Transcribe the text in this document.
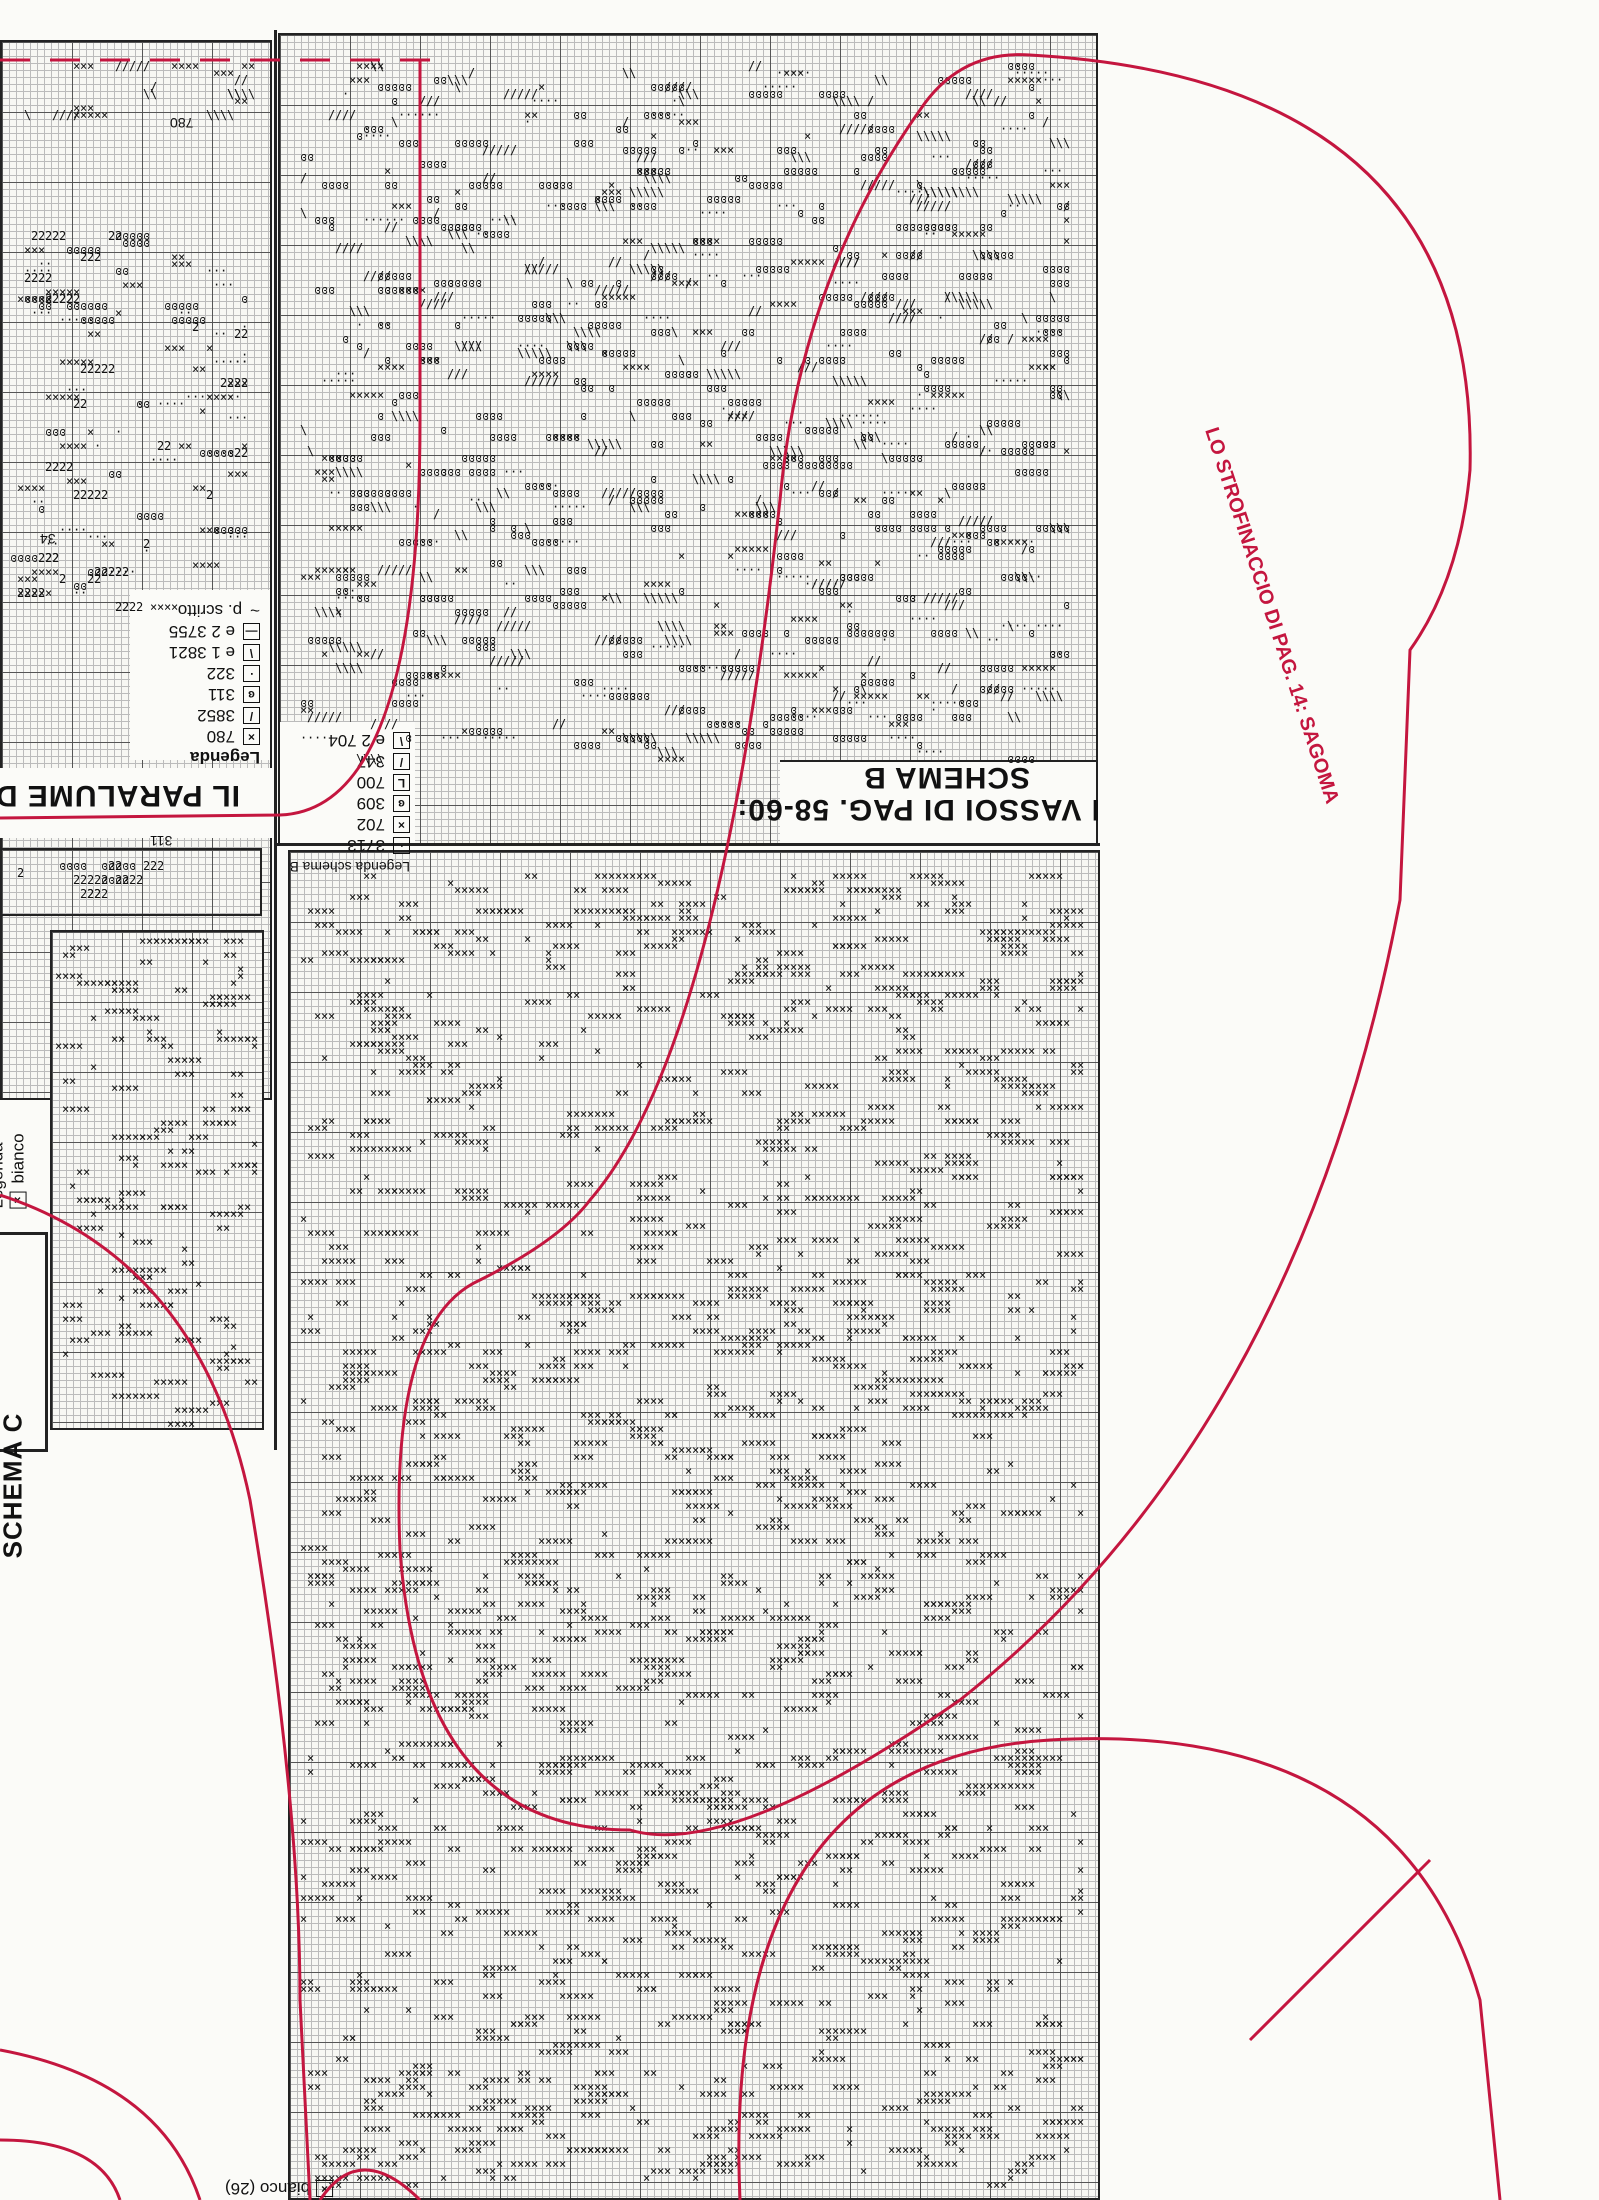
× ×
ɞ ɞ · · · ·
· ·
\ \ \ \
\
· · · ·
/ /
/
\ \ \ \ \
×
× × ×
/ /
× × ×
/ /
× × × ×
· · · · ·
· · ·
× × × ×
/ /
ɞ
ɞ
×
ɞ
ɞ ɞ ɞ ɞ ɞ
×
× × × ×
× × × ×
ɞ ɞ
ɞ
ɞ
· · ·
\ \
· · · ·
ɞ
ɞ ɞ ɞ ɞ ɞ
ɞ ɞ ɞ ɞ ɞ
ɞ ɞ
/ /
· ·
/ / / /
ɞ ɞ ɞ ɞ ɞ
× × × × ×
\ \ \
× × ×
\ \ \ \
/ / / /
\ \
× ×
ɞ
· · · · ·
· · · ·
ɞ
ɞ
ɞ
\ \
ɞ
×
ɞ
· ·
· ·
ɞ ɞ ɞ ɞ ɞ
ɞ
ɞ ɞ
ɞ ɞ ɞ
· · · ·
\ \ \
· · · ·
ɞ ɞ ɞ ɞ ɞ
ɞ ɞ ɞ ɞ ɞ
ɞ ɞ
ɞ ɞ ɞ ɞ ɞ
ɞ ɞ ɞ ɞ
· · · ·
\ \ \ \ \
\ \ \ \
× × ×
· ·
ɞ ɞ
ɞ ɞ
×
ɞ
· · · · ·
ɞ ɞ
ɞ ɞ ɞ
ɞ ɞ ɞ
· ·
· · · ·	ɞ ɞ ɞ ɞ ɞ
· · · ·
\ \ \ \ \
ɞ ɞ ɞ ɞ ɞ
× × × × ×
ɞ
×
× × × × ×
\ \ \
× × ×
·
\ \ \ \
ɞ ɞ ɞ ɞ
· · · ·
ɞ
/ / /
ɞ
· ·
ɞ	/ / / /
ɞ ɞ ɞ ɞ
/
ɞ ɞ ɞ ɞ
/ / / / /
ɞ ɞ
ɞ ɞ ɞ
ɞ ɞ ɞ ɞ
/ / / /
· · · · ·
ɞ ɞ ɞ ɞ
ɞ
ɞ ɞ ɞ ɞ	\ \
ɞ ɞ ɞ × × ×
× ×
\ \ \ \ \
· · ·
ɞ ɞ
· · · · ·
ɞ ɞ
/ / /
\ \ \
/ /
× × ×
ɞ ɞ ɞ ɞ
ɞ ɞ ɞ ɞ
· · · · ·
ɞ ɞ ɞ ɞ
ɞ ɞ ɞ ɞ ɞ
\ \
· · · · ·
ɞ ɞ
· · · ·
ɞ ɞ ɞ ɞ
× × ×
ɞ ɞ ɞ
/ / / / /
· · ·
\ \ \
ɞ ɞ ɞ ɞ
/ / / /
/
\ \ \
ɞ ɞ ɞ ɞ ɞ
· · · · ·
/
×
ɞ ɞ
ɞ ɞ ɞ ɞ
ɞ ɞ ɞ ɞ ɞ
ɞ
\ \
ɞ ɞ ɞ ɞ
ɞ ɞ ɞ ɞ
· · · ·
ɞ ɞ ɞ ɞ ɞ
ɞ
/ / / /
\ \ \
×
\ \ \ \ \
ɞ ɞ ɞ
× × ×
ɞ ɞ ɞ
ɞ ɞ ɞ ɞ ɞ
ɞ ɞ ɞ ɞ
ɞ ɞ ɞ
\
· ·
ɞ ɞ ɞ ɞ
×
/ / /
/ / / / /
ɞ ɞ ɞ ɞ
· · · · ·
× × × × ×
ɞ ɞ ɞ ɞ
/
\
· · · · ·
ɞ ɞ ɞ ɞ ɞ
· ·
/
ɞ ɞ
ɞ ɞ ɞ ɞ ɞ
· · ·
ɞ ɞ ɞ
ɞ
/
/ / /
×
ɞ
· · · ·
ɞ ɞ ɞ ɞ ɞ
/ /
\
· · ·
ɞ ɞ ɞ ɞ
/
/
ɞ ɞ ɞ ɞ
/
ɞ ɞ ɞ ɞ
\ \
\
\
ɞ
ɞ ɞ ɞ ɞ ɞ
/ / / / /
ɞ ɞ
·
ɞ
ɞ ɞ ɞ ɞ ɞ
· · ·
\ \ \
\ \ \ \
ɞ ɞ ɞ ɞ ɞ
× × × × ×
\
ɞ ɞ ɞ
\ \ \ \ \
ɞ ɞ ɞ ɞ
\
× × × × ×
· · · · ·
\ \
ɞ ɞ ɞ ɞ ɞ
\ \
× × ×
/ / / / /
ɞ ɞ
ɞ ɞ ɞ ɞ
ɞ ɞ ɞ ɞ ɞ
· · · ·
ɞ
\
× × × ×
ɞ ɞ ɞ
ɞ ɞ ɞ ɞ ɞ
ɞ ɞ ɞ ɞ
· · · ·
ɞ ɞ ɞ ɞ ɞ
ɞ · · · · ·
ɞ ɞ ɞ ɞ
× × ×
ɞ ɞ ɞ
/
×
× × × × ×
ɞ ɞ ɞ
/ / / / /
· · · ·
ɞ ɞ ɞ ɞ ɞ
\
ɞ ɞ ɞ
\ \ \ \
ɞ ɞ ɞ ɞ
· · · · ·
ɞ ɞ ɞ ɞ
ɞ ɞ ɞ
\ \
ɞ ɞ ɞ ɞ
×
× × × × ×
ɞ
ɞ ɞ ɞ ɞ ɞ
\ \ \ \
×
ɞ ɞ ɞ
ɞ ɞ ɞ ɞ
\ \ \ \ \
\ \ \
\
\ \ \ \
ɞ ɞ
· · ·
/
ɞ
· · ·
ɞ ɞ ɞ
ɞ ɞ ɞ
\ \ \
× ×
× × × ×
ɞ ɞ
ɞ ɞ ɞ ɞ ɞ
× × ×
ɞ ɞ
ɞ
/ /
· · · ·
/ / /
× × × × ×
·
ɞ
ɞ
·
× × ×
\ \ \
\ \ \ \ \
ɞ ɞ ɞ ɞ
ɞ
\ \ \
/ / / / /
· · · ·
ɞ ɞ ɞ
ɞ ɞ
· · · ·
ɞ ɞ ɞ ɞ ɞ
ɞ ɞ ɞ ɞ ɞ
/
ɞ
\
/ /
× × × ×
· · · ·
/
ɞ ɞ ɞ ɞ ɞ
/ / /
/ / / /
× ×	ɞ ɞ ɞ ɞ ɞ
ɞ ɞ ɞ ɞ
ɞ ɞ ɞ
×
ɞ
/ / /
/ /
ɞ ɞ
\ \ \
ɞ
ɞ ɞ ɞ ɞ
/ / / / /
ɞ ɞ ɞ ɞ ɞ
/ /
ɞ
ɞ ɞ ɞ
ɞ ɞ ɞ
ɞ ɞ ɞ ɞ ɞ
\ \ \ \ \
ɞ ɞ
/
· · · ·
×
ɞ
· ·
× ×
ɞ
× × ×
ɞ
ɞ ɞ ɞ
×
ɞ ɞ
\ \ \ \
× ×
· · ·
ɞ
ɞ ɞ ɞ ɞ ɞ
ɞ ɞ ɞ ɞ ɞ
· · · ·
× × × × ×
\ \
× ×
ɞ ɞ ɞ
ɞ ɞ ɞ ɞ ɞ
\
\ \ \ \ \ \
ɞ
ɞ ɞ
· ·
ɞ ɞ ɞ ɞ ɞ
\ \ \
·
ɞ
/ /
ɞ ɞ ɞ
×
\
ɞ ɞ
ɞ ɞ
ɞ ɞ ɞ ɞ ɞ
/ / / / /
· · · ·
× × ×
\ \ \
× ×	\ \ \ \ \
ɞ ɞ ɞ ɞ
ɞ ɞ ɞ ɞ
ɞ ɞ ɞ ɞ ɞ
ɞ ɞ ɞ
· · · ·
× × × ×
ɞ
× × × ×
ɞ
· · ·
ɞ ɞ ɞ
/ / /
ɞ ɞ
×
\ \ \ \ \
ɞ ɞ
ɞ ɞ ɞ
· · · · ·
ɞ ɞ ɞ ɞ ɞ
· · ·
\ \ \ \ \
· ·
\ \ \ \ \
× × × × ×
ɞ ɞ ɞ ɞ
ɞ ɞ ɞ ɞ ɞ
·
· · · ·
ɞ ɞ ɞ ɞ ɞ
ɞ ɞ ɞ ɞ
·
ɞ
ɞ ɞ ɞ ɞ
·
ɞ ɞ ɞ ɞ ɞ
\ \ \ \
ɞ
/
ɞ ɞ ɞ ɞ
× × ×
ɞ ɞ ɞ
ɞ
ɞ ɞ ɞ ɞ
ɞ ɞ ɞ
ɞ ɞ ɞ
ɞ ɞ
/ / / /
ɞ ɞ ɞ ɞ ɞ
ɞ ɞ
·
· · · ·
ɞ ɞ ɞ ɞ ɞ
/ / / /
ɞ ɞ ɞ
/
ɞ ɞ
/ /
ɞ ɞ
ɞ ɞ ɞ
/ / /
\ \ \ \ \	ɞ ɞ ɞ ɞ ɞ
\ \ \ \ \
ɞ ɞ ɞ ɞ ɞ
·
ɞ ɞ ɞ ɞ
ɞ ɞ ɞ ɞ
ɞ ɞ ɞ ɞ
ɞ ɞ ɞ ɞ ɞ
\ \ \ \
ɞ ɞ ɞ ɞ
ɞ ɞ ɞ ɞ
ɞ ɞ
ɞ ɞ ɞ ɞ
ɞ ɞ
· ·
ɞ ɞ ɞ ɞ ɞ
\ \ \ \ \
ɞ ɞ ɞ
×
ɞ
ɞ ɞ ɞ ɞ ɞ
/ /
ɞ ɞ ɞ ɞ
ɞ ɞ ɞ ɞ
·
ɞ ɞ ɞ ɞ
/ /
/ / / / /
ɞ ɞ ɞ
ɞ ɞ
ɞ ɞ ɞ ɞ ɞ
· · · · ·
ɞ ɞ
× ×
\ \ \ \ \
×
/
ɞ ɞ ɞ ɞ
ɞ ɞ
× × ×
× × ×
/ / / / /
ɞ ɞ ɞ
ɞ ɞ ɞ
ɞ ɞ ɞ ɞ ɞ
ɞ
·
ɞ ɞ ɞ ɞ ɞ
· · · ·
ɞ ɞ ɞ ɞ ɞ
/ / / /
/ /
ɞ ɞ
× × × × ×
ɞ ɞ
ɞ ɞ ɞ
/
\ \ \ \
\ \ \
· · · · ·
ɞ ɞ ɞ ɞ ɞ
ɞ ɞ ɞ
ɞ ɞ ɞ ɞ ɞ
/ / /
ɞ ɞ ɞ ɞ ɞ
× × × ×
·
ɞ ɞ
ɞ ɞ ɞ
ɞ ɞ ɞ ɞ ɞ
× × × ×
·
·
/ / / / /
×
×
× ×
× × × × ×
× × × ×
·
\ \ \
/ / / /
ɞ ɞ
\ \
· ·
/ / /
ɞ
\ \ \
\
ɞ
/ / / / /
×
/
ɞ ɞ ɞ
× ×
ɞ ɞ ɞ
ɞ ɞ
· · ·
\ \ \ \
× × ×
\ \ \
× × × ×
/ / / /
·
/ / / / /
\ \ \ \
× × × × ×
ɞ
· ·
ɞ ɞ
ɞ ɞ ɞ ɞ
· ·
× ×
× × × × ×
× ×
× ×
/ / / / /
· · · · ·	\ \ \
ɞ ɞ ɞ	ɞ
ɞ ɞ ɞ ɞ
ɞ
· · · · ·
ɞ ɞ ɞ ɞ
\ \
\ \ \ \
× × ×
· · · ·
ɞ
ɞ ɞ ɞ ɞ
ɞ ɞ
ɞ ɞ ɞ ɞ
· ·
/ / /
ɞ ɞ ɞ ɞ ɞ
ɞ ɞ ɞ ɞ ɞ
· · · ·
· · · · ·
ɞ ɞ ɞ ɞ ɞ
ɞ ɞ
/ / / /
\
\ \ \ \ \
ɞ ɞ ɞ ɞ ɞ
ɞ
ɞ ɞ
ɞ ɞ ɞ ɞ
· · · ·
· ·
·
ɞ ɞ ɞ ɞ
ɞ ɞ ɞ
/
/ / /
×
× × × ×
ɞ
\ \ \ \
ɞ ɞ
/ / /
ɞ ɞ ɞ
ɞ
· · · ·
/ / / /
ɞ ɞ
ɞ ɞ ɞ ɞ
ɞ ɞ ɞ
×
ɞ ɞ
ɞ ɞ
×
\
/
× ×
×
·
· · · ·
\ \
/ / / / /
/ / /
× × ×
ɞ ɞ ɞ ɞ
ɞ	· · ·
/ / / / /
ɞ ɞ ɞ ɞ
· · · ·
× × × ×
· · ·
\
\
ɞ ɞ ɞ ɞ
/ /
· · · · ·
\ \	ɞ ɞ ɞ ɞ
× × ×
· ·
/ /
ɞ ɞ ɞ ɞ ɞ
× × × × ×
×
× × × × ×
× × × × ×
× × ×
×
× × × × ×
×
× × ×
×
×
× × × ×
× × × × ×
× × × × ×
× × × ×
× × × ×
× × × × ×
× × × × ×
× × × × ×
× × × ×
× × × ×
×
× × × × ×
× ×
× × × × ×
× × ×
× × ×
× × × × ×
× ×
× × × ×
× × ×
× × ×
× ×
×
× ×
× × × ×
× × × ×
× × × ×
×
× × × × ×
× ×
× × × × ×
× × × × ×
× ×
× ×
× × ×
× × × ×
× × × ×
×
× × ×
×
× × × ×
× × ×
× × ×
× ×
× × × ×
× × × × ×
× × × × ×
× × ×
× × ×
× × × ×
×
× ×
×
× × ×
×
× × × × ×	× ×
× × × ×
× × × ×
× × ×
× ×
× × × × ×
×
× × × ×
×
× ×
× ×
×
×
× × × ×
× × ×
× ×
× × ×
× × × × ×
× × × ×
× × × ×
× ×
× × ×
× × ×
× × ×
× × × ×
× × × × ×
× × × × ×
× × × ×
× ×
× × ×
× ×
× ×
× ×
× ×
×
× × ×
× × × ×
× × ×
× × × × ×
×
× × ×
×
× × × ×
× × × ×
× × × × ×
×
× × × ×
× × ×
× × × ×
× × × × ×
× × × × ×
× × × × ×
×
× × × ×
× × ×
×
× × × × ×
× ×
× ×
× ×
×
× ×
×
× × × × ×
×
× × ×
× ×
×
×
× ×
× × ×
× × × × ×
× ×
× ×
× × × ×
× × ×
×
×
× × × ×
× × × ×
×
× ×
×
× × × × ×
×
× × × ×
× × × × ×
×
× × × × ×
× ×
× × × × ×
× × × × ×
× ×
× × × ×
× × ×
×
× × × ×
× × ×
× ×
× ×
× × × ×
× ×
× × ×
× × × ×
× × ×
× × × ×
× × × × ×
× × ×
× ×
× × × × ×
× × × ×
× × × × ×
×
× × ×
×
× × × × ×
×
× ×
× × × × ×
× × × ×
× × × × ×
×
× ×
× ×
× × ×
× × ×
× ×
× ×
× × ×
× ×
× × × × ×
× × ×
× × ×
×
× × × ×
× × ×
× ×
× ×
× × × × ×
× ×
× × × ×
× × × × ×
×
× × ×
× × × × ×
× ×
×
× × × ×
×
×
× ×
× × × × ×
× ×
× × × × ×
× ×
×
×
× × × × ×
× × × × ×
× × ×
× × × ×
× ×
× × × × ×
×
× × × ×
× × × ×
× × ×
× ×
× ×
× × ×
× ×
× ×
× ×
× × × × ×
× × ×
× × ×
×
×
×
× × ×
× × × ×
× ×
× × × ×
× × × ×
× × × × ×
× × × × ×
× × × × ×
× × ×
×
×
× × × ×
× ×
× × × ×
×
× ×
× × × ×
× × ×
× × × ×
× × × ×
× × ×
× × × ×
× × ×
× ×
× × × ×
×
× × × × ×
× × × ×
× × × ×
×
× × × × ×
× × × ×
× × × × ×
× ×
× × ×
× × × × ×
× × × × ×
× × ×
× × ×
×
× × ×
× ×
×
× × × ×
× × × × ×
× × × ×
× × × × ×
× ×
× × × × ×
×
× × × × ×
× × ×
× ×
× × × × ×
× × ×
× × × ×	× × ×
× ×
×
× × × × ×
× ×
× ×
× × ×
×
×
×
× × × × ×
× × × × ×
× ×
× × × ×
× × × × ×
× × ×
× ×
×
× × × ×
× × ×
× × × ×
×
× ×
×
× × × ×
× × ×
× × ×
× × × × ×
× × × × ×
× × × × ×
× ×
× ×
× ×
× ×
×
× ×
× × × ×
× ×
× × ×
×
× × × ×
× × × × ×
× ×
× ×
× × × × ×
× × × × ×
× × ×
×
× × × ×
× × × × ×
×
× ×
×
× × × ×
× × × × ×
× ×
× ×
× × × × ×
×
× × ×
× × ×
× × ×
×
×
× × ×
× ×
× ×
× × × ×
× ×
× × × × ×
× × × × ×
×
× × ×
×
× ×
× ×
× × × × ×
×
× × × ×
× × ×
× × × ×
× × × × ×
× ×
× ×
×
× × × ×
× × ×
× × × × ×
× × ×	× × ×
× × ×
× × × × ×
× × × ×
× × × × ×
× ×	× × × ×
× ×
× ×
×
×
×
× × × ×
× × × × ×
× × × × ×
×
× × × × ×
× × ×
× × × ×
× × × × ×
× × × × ×
× × × × ×
×
×
× × ×
× × ×
× × ×
× ×
× × ×
× × ×
× × × × ×
× × × × ×
×
× × × × ×
× × × × ×
× × ×
× × ×
×
× ×
× ×	×	×
× × × × ×
× ×
× × ×	×
× × ×
× × × × ×
× × ×
× ×
× ×
× ×
× × × ×
× × × × ×
× × × ×
× ×
× × ×
× ×
× × × ×
× × × × ×
× × ×
×
× ×
× ×
× × × ×
× × × ×
× × × ×
× × × × ×
× × × ×
× × ×
× × × × ×
× ×
× × × × ×
×
× ×
×
×
×
× × × × ×
× × × × ×
× × ×
× ×
×
× ×
× × × × ×
× × × ×
× × × × ×
× ×
× × × × ×
× × × ×
× ×
× × ×
× × ×
× × × × ×
× × ×
× × × ×
× × ×
× ×
× ×
× × × × ×
×
× ×
× × × × ×
×
× × × ×
× ×
×
× × × × ×
× × × ×
× × × × ×
× ×
× × ×
×
× × × × ×
× ×
× × ×
× × × × ×
× ×
×
× × × × ×
× × × × ×
× × ×	× × ×
× × ×
× ×
× × × × ×
× ×
× × × ×
×
×
× × ×
× × × × ×
× × × ×
× × ×
× × ×
× × ×
× × ×
× × × ×
× × ×
×
× ×
× ×
× × ×
×
× ×
× × ×
× × × ×
× × ×
× × ×
× × × ×
× × ×
×
× × ×
×
×
× × ×
× × × ×
× × ×
×
× ×
× × × ×
× × × ×
× ×
× × × ×
× × × × ×
× ×
× × ×
× × ×
× × × ×
×
× × × × ×
× × ×
× × ×
× × ×
× × × ×
× × × ×
×
× ×
× × ×
× × × ×
× × × ×
× × × × ×
× × ×
× ×	× × × ×
× × × × ×
×
×
× ×
×
× × × × ×
× × ×
×
× ×
×
×
× × × × ×
× × × ×
×
× × × ×
× × × × ×
× ×
×
× ×
× × ×
× × × × ×
×
× ×
× ×
× × × ×
× × × ×
× × × ×
× × ×
× ×
× × × × ×
×
× ×
× × × × ×
× × × × ×
× × × × ×
× × ×
× ×
× × × ×
× ×
× ×
× ×
× × × ×
× ×
× × ×
× × ×
× × × × ×
× × ×
×
× ×
× ×
× ×
× × × ×
× × × ×
× × × ×
× × × × ×
× × ×
× × × ×
×
×
× ×
× × × ×
× × ×
× × × × ×
× × × × ×
× × ×
× × × ×
× × × × ×
× × × ×
×
×
×
×
× × × × ×
× ×
× × ×
× × × × ×
× × × ×
× ×
× × ×
× × × × ×
×
× × × ×
×
× × × ×
× ×
× × × × ×
× ×
× × × × ×
× × ×
× × × ×
× × ×
×
× × ×
× ×
× × ×
×
× ×
× × × × ×
×
× × ×
×
× × ×
× × ×
× × × ×
× × × × ×
× × × × ×
×
× ×
× × × ×
×
× × × × ×
×
× × ×
× × × ×
× ×
× ×
×
×
× × × ×
× × ×
× × ×
× × × ×
× × × ×
× ×
× ×
×
× ×
× ×
× × × ×
× × × × ×
× ×
× × × ×
× ×
× × × ×
× × ×
× × × × ×
× ×
×
× × × ×
× × ×
× ×
× × × × ×
× × × ×
× ×
× × × ×
×
×
× × ×
× ×
× × ×
× × × ×
×
× × × ×
× × × × ×
× × × ×
×
× × × × ×
× × ×
× × × ×
× × ×
× × × × ×
× × ×
×
× × ×
× ×
× × ×
×
× ×
× × × × ×
× × × ×
× ×
×
× × × × ×
× × × ×
× × × × ×
× × × × ×
×
× × ×
× ×
× × × ×
×
×
× × ×
×
×
× × ×
× × × ×
× × × × ×
× ×
×
×
× × × ×
× × × × ×
×
× × × × ×
× ×
×
× × × ×
× × ×
× × ×
× × × × ×
×
× × ×
× ×
× × × × ×
× ×
×
× ×
× × × ×
× ×
×
× ×
× ×
× × ×
×
× ×
× × × ×
× × ×
×
× ×
× ×
× × ×
× × × ×
× × × ×	× × × × ×
×
× ×
× × × × ×
× × ×
× ×
× × ×
× × × ×
× ×
×
× ×
× ×
× ×
× ×
× × ×
× × × × ×
×
× × ×
× × × × ×
×
× ×
× × × ×
× × × ×
× × × ×
×
×
× × × ×
× ×
×
×
× ×
×
× × × × ×
× × ×
× ×
×
× × × × ×
×
× × ×
× × × × ×
×
× × × × ×
× × × ×
× × ×
×
× ×
× × × × ×
× × ×
× × × ×
×
× ×
× × ×
× × × ×
×
×
× × × ×
× × × ×
× × × ×
× ×
× × × ×
× × ×
× × × × ×
× × × ×
× × × ×
×
× ×
×
× × × ×
× ×
× × × × ×
× × ×
× × × ×
× × × ×
×
× × × × ×
× × × ×
× × × × ×
× × ×
× × × × ×
× ×
× × ×
× × × ×
× ×
×
× × × × ×
× × ×
×
× ×
×
× × × × ×
×
× ×
× ×
× ×
× ×
× × × ×
× ×
× × ×
×
× × × × ×
× × × ×
× ×
× ×
×
× × × × ×
× × ×
× × ×	×
×
× ×
× × × ×
× ×
× ×
× ×
× × ×
×
× × × ×
× × ×
×
× × × ×
×
×
× × × ×
× × ×
× × ×
× × ×
× ×
×
× × × ×
× × × ×
× ×
× ×
×
× ×
×
× × × × ×
× ×
× × × × ×
× × ×
× × × × ×
× × × ×
× × ×
× × × × ×
× × ×
× × × ×
× × ×
× ×
× × ×
×
×
× × ×
× × ×
× × × ×
× × × × ×
×
× × × × ×
× × ×
× × ×
× × ×
× × ×
× × × × ×
× ×
× × × × ×
× ×
× ×
× × × × ×
× × × × ×
× × × × ×
× × × ×
× ×
× × ×
× × × ×
× × × ×
× ×
×
× ×
× × × ×
× × ×
× × ×
×
×
× × ×
× × × × ×
× × × ×
×
× ×
× × ×
× × × ×
× × × × ×
×
× × ×
×
× ×
×
×
× × × × ×
× × × × ×
× × × × ×
× × ×
× × × ×
× × × × ×
×
× × × ×
× × ×
× × × × ×
× × × ×
× ×
×
× × × ×
× × × × ×
×
× ×
× ×
× ×
×
× ×
× × × ×
×
×
× × × ×
× ×
× × × ×
× × × ×
× ×
× ×
× × × ×
× ×
×
× × × × ×
× × × × ×	× × ×
× ×
×
× × × × ×
× × × ×
× × × × ×
× ×
×
× × × ×
×
× ×
× × ×
× ×
× × × ×
× × × × ×
× × ×
×
×
× ×
×
× ×
×
× × ×
×
×
× × × × ×
× ×
×
× × × ×
× × × × ×
×
× × × × ×
×
×
× × × × ×
×
×
× × × ×
× × × ×
× × × × ×
× × × × ×
× × × × ×
× × × ×
× × ×
×
×
× × × ×
× ×
× × ×
×
×
× × × × ×
× × ×
× ×
× × × ×
× × × × ×
× × ×
× × ×
× × × ×
×
× × ×
×
× × × × ×
× × × × ×
×
×
× × ×
× × × ×
× × × × ×
× × × × ×
× × × × ×
× × ×
× × ×
× × × ×
× × ×
×
× × ×
× × × ×
× ×
× ×
× × × ×
× × × ×
× ×
× × ×
× × ×
× × ×
× × × ×
× × × ×
×
× × × × ×
×
× × × ×
× × ×
× × ×
× × × ×
× × ×
× × × × ×
× × × × ×
× × ×
× ×
× ×
×
× × × ×
× × × ×
×
× × ×
×
× × ×
×
×
×
× × ×
× × × ×
× × × ×
× × × ×
× × ×
× × ×
× × ×
× × × × ×
×
× × ×
×
× × × ×
× ×
× × ×
× ×
× × ×
× × ×
× × ×
×
×
× × × × ×
×
×
× × ×
×
× ×
× × × ×
× × × × ×
× × × ×
× × ×
× × × × ×
× × × × ×
× ×
×
×
× × × ×
× × ×
×
×
× × ×
×
× ×
× × × × ×
× × × ×
× × ×
× × ×
×
×
× × × × ×
× × × ×
× × × × ×
× ×
× × ×
× × ×
×
× × ×
×
× × × × ×
× × × × ×
× ×
× × × × ×
× × × ×
× × ×
× × × × ×
× × ×
× × × ×
× × × ×
× × × ×
× × × × ×
× × × ×
× × × × ×
× × × ×
× × × × ×
× × × ×
× × ×
× × × × ×
× ×
× × × ×
× × × × ×
× ×
×
× × ×
× × ×
× × × ×
× × × × ×
×
× × ×
× × × ×
×
×
× ×
× × × × ×
× × × ×
× ×
× × ×
× × × × ×
× × × × ×
×
× × ×
× × ×
× × × ×
× × × × ×
×
×
× × × ×
×
×
×
× ×
× × × ×
× × × ×
× × × × ×
× × × ×
× × × × ×
× × ×
× ×
× × × ×
×
× ×
× × × × ×
×
×
× ×
× × × × ×
×
× ×
× × ×
× × ×
× × ×
×
× ×
×
× ×
× × ×
× × × ×
× ×
×
× ×
× × × × ×
× × ×
× × × × ×
× ×
×
× × × × ×
×
× × × ×
× × × ×
× × ×
× ×
× × × × ×	×
× × × × ×
× × ×
× × × ×
× × × ×
×
×
× × × ×
× ×
× × ×
× × × × ×
× × × × ×
×
× × ×
× ×
× × × × ×
× × × × ×
×
× × × × ×
×
× × × ×
×
× × × × ×
×
× × ×
× × × × ×
×
× × × ×
× × ×
× × ×
× × ×
× ×
× × ×
×
×
× × × × ×
× × × ×
×
× × ×
×
×
×
× × × × ×
× ×
× × × × ×
× ×
× ×
× ×
× × × ×
× × ×
×
× × × ×
×
×
× ×
× ×
× ×
×
× × ×
× ×
× × × ×
× × ×
×
× × ×
× ×
× × ×
× × ×
×
× ×
× × × × ×
× × × ×
× ×
× ×
× × ×
× × × ×
× × ×
× × × ×
×
× × × × ×
× × ×
× × ×
×
×
×
× ×
× × × × ×
× × × × ×
×
× ×
× × ×
× ×
× × ×
×
ɞ
2 2 2
· · · ·
2 2
ɞ ɞ ɞ ɞ ɞ
ɞ ɞ
ɞ ɞ ɞ ɞ ɞ
× × × ×
· · ·	× × ×
× ×
2
·
2 2 2	·
2 2 2 2
2 2
2 2
× × ×
ɞ ɞ ɞ ɞ
· · ·
·
· · ·
ɞ ɞ ɞ ɞ ɞ
2 2 2 2 2
× ×
× × ×
× × × × ×
· · ·
ɞ ɞ
·
ɞ ɞ ɞ ɞ
2 2 2
ɞ
2 2
2 2 2 2 2
×
× ×
· · · ·
ɞ ɞ
× × × × ×
· · ·
×
· · · ·
× × ×
2
· · ·
ɞ ɞ ɞ
× × ×
· · ·
· · · · ·
×
× × × ×
2 2
2 2 2 2
ɞ ɞ ɞ ɞ ɞ
× ×
× × × ×
ɞ ɞ ɞ ɞ
2 2
× × × ×
· ·
× × × ×
× × ×
2 2 2 2 2
× × ×
· · · ·
ɞ ɞ ɞ ɞ ɞ
ɞ ɞ ɞ ɞ ɞ
× × ×
2 2
· · ·
· ·
× × × × ×
ɞ
×
× ×
· ·
ɞ ɞ
×
× ×
ɞ ɞ ɞ
ɞ ɞ
2 2 2 2
· · · ·
2 2 2 2
· · · · ·
· · · ·
ɞ ɞ ɞ
· ·
ɞ ɞ ɞ
ɞ ɞ ɞ ɞ ɞ	·
2 2 2 2
2 2 2 2 2
· ·
· ·
· ·
× × ×
· · · ·
2
× ×
2 2 2 2
× ×
·
ɞ ɞ
× × × × ×
2
× × × × ×
ɞ ɞ ɞ ɞ
/ /
\ \ \ \
× × ×
\
× × × ×	× ×
\ \
\ \
× × ×
/ / / /
× ×
× × ×
/ / / / /
\ \ \ \
× × × × ×
/
2 2
2 2 2 2
2 2 2 2 2
2 2 2 2 2
ɞ ɞ ɞ ɞ
ɞ ɞ ɞ ɞ
2	ɞ ɞ ɞ ɞ ɞ
2 2 2 2
IL PARALUME	I VASSOI DI PAG. 58-60:
SCHEMA B
SCHEMA C
Legenda
×
780
/
3852
ɞ
311
·
322
\
e 1 3821
—
e 2 3755
~
p. scritto
Legenda schema B
·
3713
×
702
ɞ
309
L
700
/
347
\
e 2 704
Legenda ×
bianco
×
bianco (26)
780
311
34	LO STROFINACCIO DI PAG. 14: SAGOMA
